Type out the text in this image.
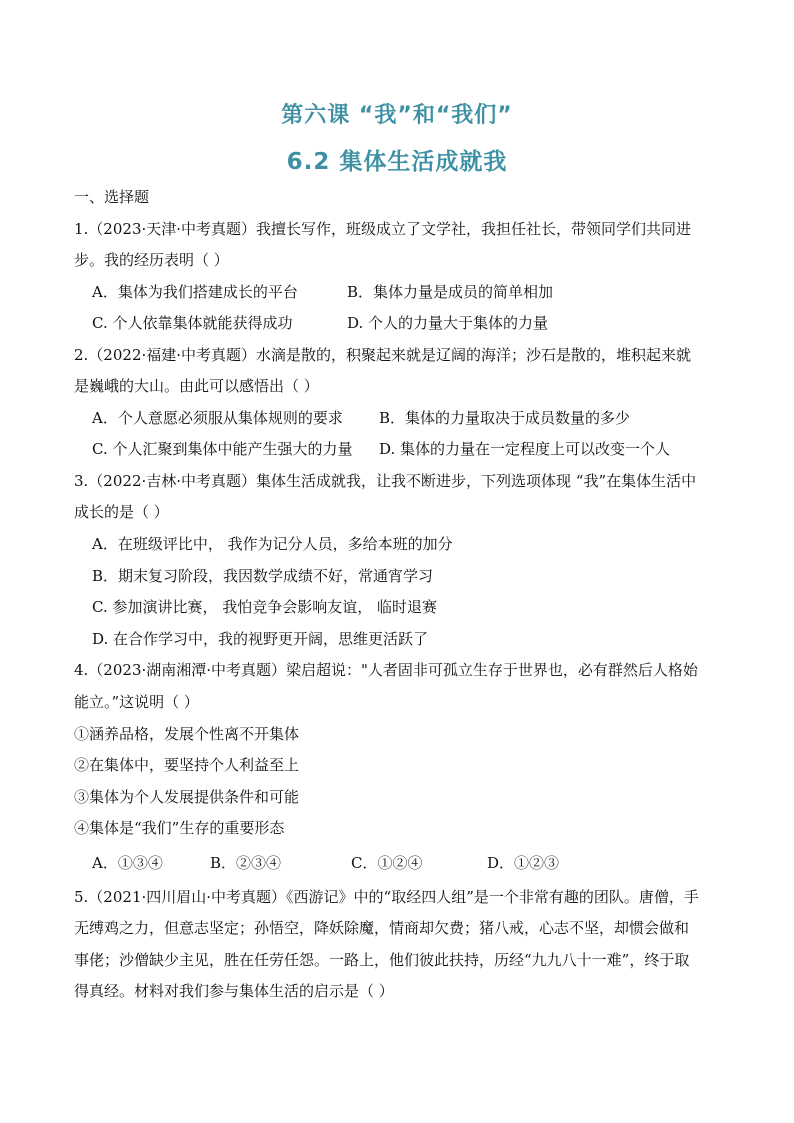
第六课 “我”和“我们”
6.2 集体生活成就我
一、选择题
1.（2023·天津·中考真题）我擅长写作，班级成立了文学社，我担任社长，带领同学们共同进
步。我的经历表明（ ）
A．集体为我们搭建成长的平台	B．集体力量是成员的简单相加
C. 个人依靠集体就能获得成功	D. 个人的力量大于集体的力量
2.（2022·福建·中考真题）水滴是散的，积聚起来就是辽阔的海洋；沙石是散的，堆积起来就
是巍峨的大山。由此可以感悟出（ ）
A．个人意愿必须服从集体规则的要求 B．集体的力量取决于成员数量的多少
C. 个人汇聚到集体中能产生强大的力量 D. 集体的力量在一定程度上可以改变一个人
3.（2022·吉林·中考真题）集体生活成就我，让我不断进步，下列选项体现 “我”在集体生活中
成长的是（ ）
A．在班级评比中， 我作为记分人员，多给本班的加分
B．期末复习阶段，我因数学成绩不好，常通宵学习
C. 参加演讲比赛， 我怕竞争会影响友谊， 临时退赛
D. 在合作学习中，我的视野更开阔，思维更活跃了
4.（2023·湖南湘潭·中考真题）梁启超说："人者固非可孤立生存于世界也，必有群然后人格始
能立。”这说明（ ）
①涵养品格，发展个性离不开集体
②在集体中，要坚持个人利益至上
③集体为个人发展提供条件和可能
④集体是“我们”生存的重要形态
A．①③④	B．②③④	C．①②④	D．①②③
5.（2021·四川眉山·中考真题）《西游记》中的“取经四人组”是一个非常有趣的团队。唐僧，手
无缚鸡之力，但意志坚定；孙悟空，降妖除魔，情商却欠费；猪八戒，心志不坚，却惯会做和
事佬；沙僧缺少主见，胜在任劳任怨。一路上，他们彼此扶持，历经“九九八十一难”，终于取
得真经。材料对我们参与集体生活的启示是（ ）
